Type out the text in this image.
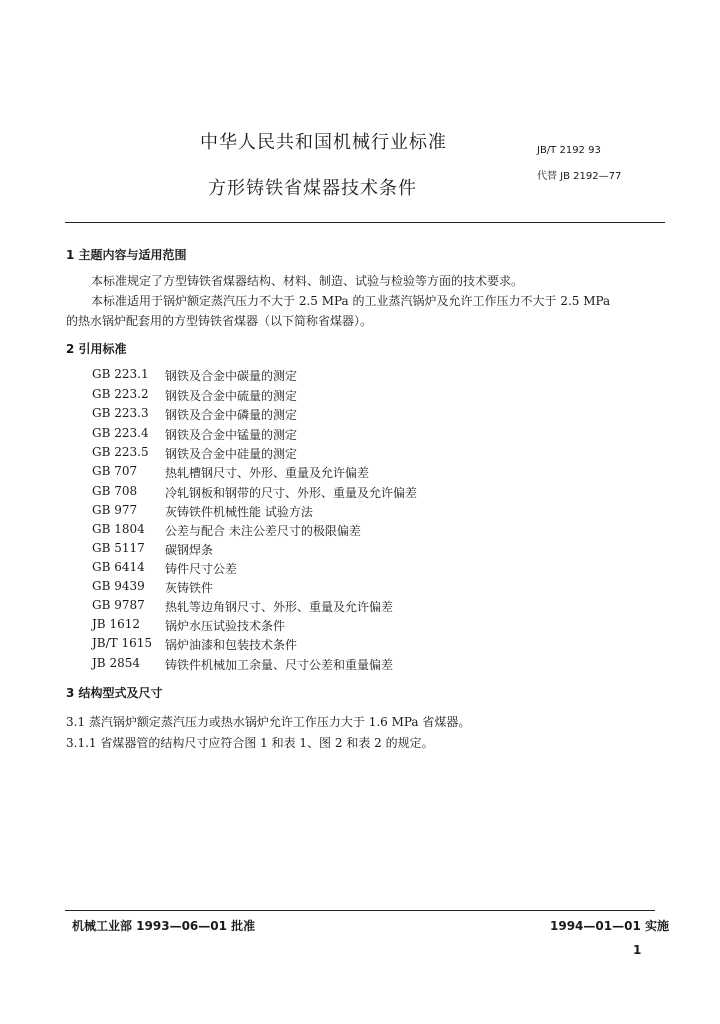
中华人民共和国机械行业标准
方形铸铁省煤器技术条件
JB/T 2192 93
代替 JB 2192—77
1 主题内容与适用范围
本标准规定了方型铸铁省煤器结构、材料、制造、试验与检验等方面的技术要求。
本标准适用于锅炉额定蒸汽压力不大于 2.5 MPa 的工业蒸汽锅炉及允许工作压力不大于 2.5 MPa
的热水锅炉配套用的方型铸铁省煤器（以下简称省煤器）。
2 引用标准
GB 223.1 钢铁及合金中碳量的测定
GB 223.2 钢铁及合金中硫量的测定
GB 223.3 钢铁及合金中磷量的测定
GB 223.4 钢铁及合金中锰量的测定
GB 223.5 钢铁及合金中硅量的测定
GB 707 热轧槽钢尺寸、外形、重量及允许偏差
GB 708 冷轧钢板和钢带的尺寸、外形、重量及允许偏差
GB 977 灰铸铁件机械性能 试验方法
GB 1804 公差与配合 未注公差尺寸的极限偏差
GB 5117 碳钢焊条
GB 6414 铸件尺寸公差
GB 9439 灰铸铁件
GB 9787 热轧等边角钢尺寸、外形、重量及允许偏差
JB 1612 锅炉水压试验技术条件
JB/T 1615 锅炉油漆和包装技术条件
JB 2854 铸铁件机械加工余量、尺寸公差和重量偏差
3 结构型式及尺寸
3.1 蒸汽锅炉额定蒸汽压力或热水锅炉允许工作压力大于 1.6 MPa 省煤器。
3.1.1 省煤器管的结构尺寸应符合图 1 和表 1、图 2 和表 2 的规定。
机械工业部 1993—06—01 批准	1994—01—01 实施
1
